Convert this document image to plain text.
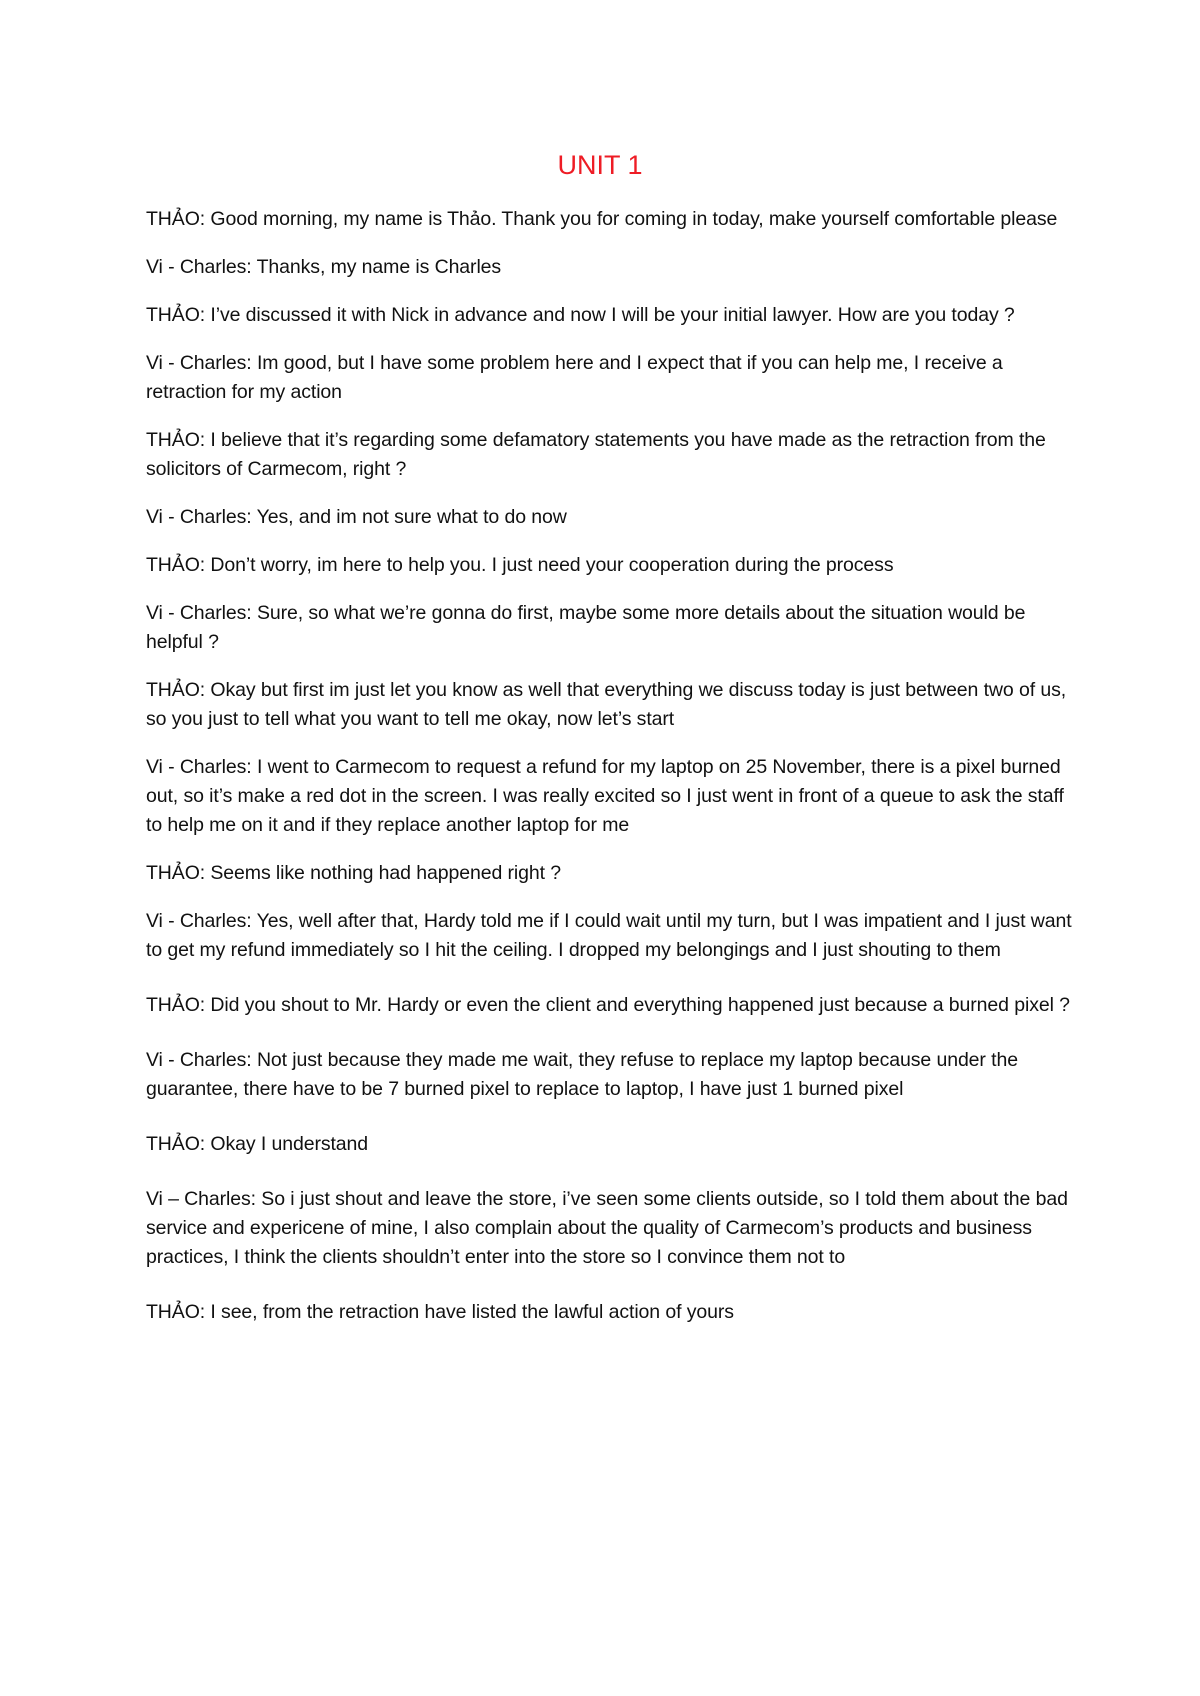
UNIT 1

THẢO: Good morning, my name is Thảo. Thank you for coming in today, make yourself comfortable please

Vi - Charles: Thanks, my name is Charles

THẢO: I’ve discussed it with Nick in advance and now I will be your initial lawyer. How are you today ?

Vi - Charles: Im good, but I have some problem here and I expect that if you can help me, I receive a retraction for my action

THẢO: I believe that it’s regarding some defamatory statements you have made as the retraction from the solicitors of Carmecom, right ?

Vi - Charles: Yes, and im not sure what to do now

THẢO: Don’t worry, im here to help you. I just need your cooperation during the process

Vi - Charles: Sure, so what we’re gonna do first, maybe some more details about the situation would be helpful ?

THẢO: Okay but first im just let you know as well that everything we discuss today is just between two of us, so you just to tell what you want to tell me okay, now let’s start

Vi - Charles: I went to Carmecom to request a refund for my laptop on 25 November, there is a pixel burned out, so it’s make a red dot in the screen. I was really excited so I just went in front of a queue to ask the staff to help me on it and if they replace another laptop for me

THẢO: Seems like nothing had happened right ?

Vi - Charles: Yes, well after that, Hardy told me if I could wait until my turn, but I was impatient and I just want to get my refund immediately so I hit the ceiling. I dropped my belongings and I just shouting to them

THẢO: Did you shout to Mr. Hardy or even the client and everything happened just because a burned pixel ?

Vi - Charles: Not just because they made me wait, they refuse to replace my laptop because under the guarantee, there have to be 7 burned pixel to replace to laptop, I have just 1 burned pixel

THẢO: Okay I understand

Vi – Charles: So i just shout and leave the store, i’ve seen some clients outside, so I told them about the bad service and expericene of mine, I also complain about the quality of Carmecom’s products and business practices, I think the clients shouldn’t enter into the store so I convince them not to

THẢO: I see, from the retraction have listed the lawful action of yours
